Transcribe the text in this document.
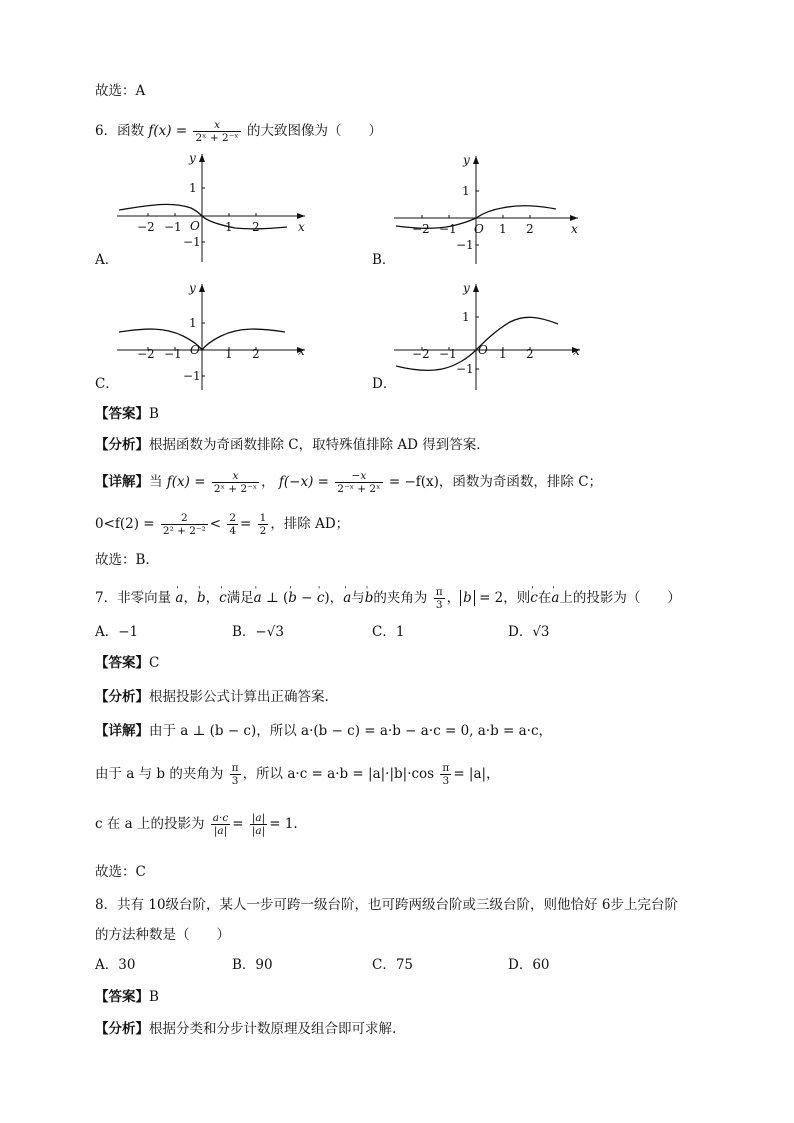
故选：A
6．函数 $f(x) = \frac{x}{\text{2ˣ + 2⁻ˣ}}$ 的大致图像为（　　）
y
x
O
1
−1
−2 −1	1 2
A．
y
x
O
1
−1
−2 −1	1 2
B．
y
x
O
1
−1
−2 −1	1 2
C．
y
x
O
1
−1
−2 −1	1 2
D．
【答案】B
【分析】根据函数为奇函数排除 C，取特殊值排除 AD 得到答案．
【详解】当 $f(x) = \frac{x}{\text{2ˣ + 2⁻ˣ}}$ ， $f(-x) = \frac{-x}{\text{2⁻ˣ + 2ˣ}} = -f(x)$，函数为奇函数，排除 C；
$0<f(2) = \frac{2}{\text{2² + 2⁻²}} < \frac{2}{4} = \frac{1}{2}$ ，排除 AD；
故选：B.
7．非零向量 ' a，' b，' c满足' a ⊥ (' b − ' c)，' a与' b的夹角为 $\frac{\pi}{3}$ ， b = 2，则' c在' a上的投影为（　　）
A．−1	B．−√3	C．1	D．√3
【答案】C
【分析】根据投影公式计算出正确答案.
【详解】由于 a ⊥ (b − c)，所以 a·(b − c) = a·b − a·c = 0, a·b = a·c，
由于 a 与 b 的夹角为 $\frac{\pi}{3}$ ，所以 $a\cdot c = a\cdot b = |a|\cdot|b|\cdot\cos \frac{\pi}{3} = |a|$，
c 在 a 上的投影为 $\frac{a\cdot c}{|a|} = \frac{|a|}{|a|} = 1$.
故选：C
8．共有 10级台阶，某人一步可跨一级台阶，也可跨两级台阶或三级台阶，则他恰好 6步上完台阶
的方法种数是（　　）
A．30	B．90	C．75	D．60
【答案】B
【分析】根据分类和分步计数原理及组合即可求解.
